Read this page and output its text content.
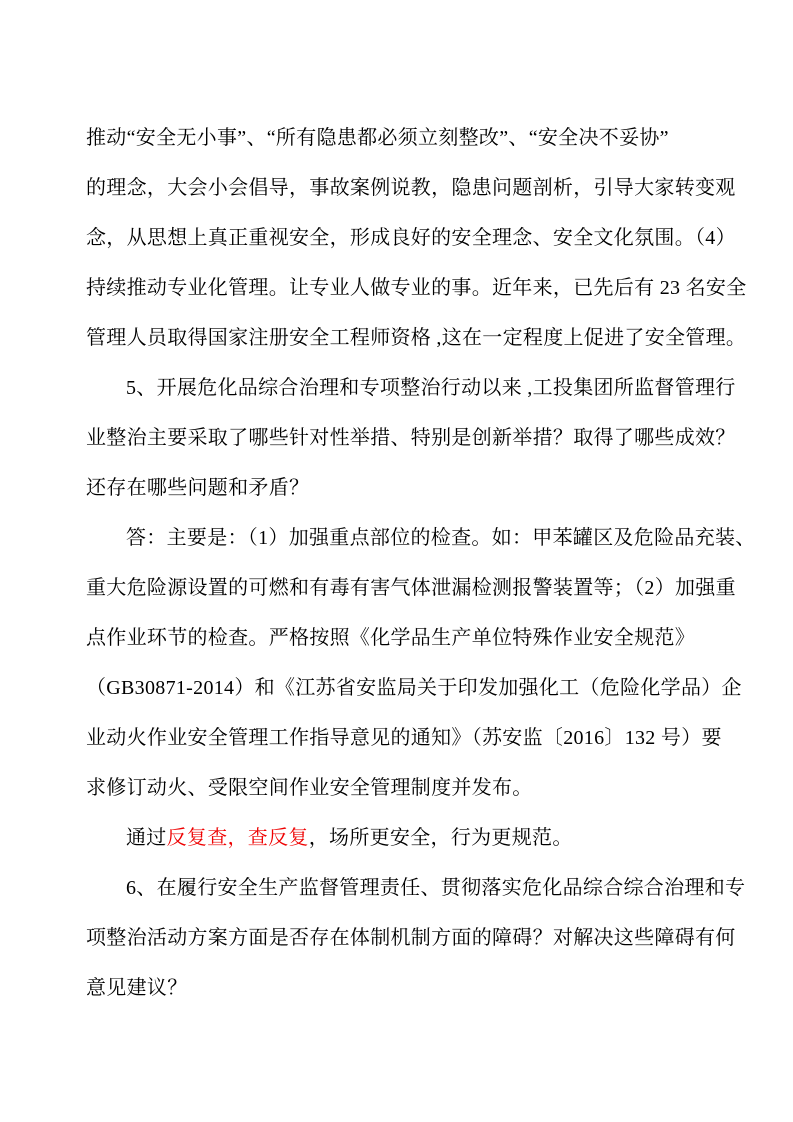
推动“安全无小事”、“所有隐患都必须立刻整改”、“安全决不妥协”
的理念，大会小会倡导，事故案例说教，隐患问题剖析，引导大家转变观
念，从思想上真正重视安全，形成良好的安全理念、安全文化氛围。（4）
持续推动专业化管理。让专业人做专业的事。近年来，已先后有 23 名安全
管理人员取得国家注册安全工程师资格 ,这在一定程度上促进了安全管理。
5、开展危化品综合治理和专项整治行动以来 ,工投集团所监督管理行
业整治主要采取了哪些针对性举措、特别是创新举措？取得了哪些成效？
还存在哪些问题和矛盾？
答：主要是：（1）加强重点部位的检查。如：甲苯罐区及危险品充装、
重大危险源设置的可燃和有毒有害气体泄漏检测报警装置等；（2）加强重
点作业环节的检查。严格按照《化学品生产单位特殊作业安全规范》
（GB30871-2014）和《江苏省安监局关于印发加强化工（危险化学品）企
业动火作业安全管理工作指导意见的通知》（苏安监〔2016〕132 号）要
求修订动火、受限空间作业安全管理制度并发布。
通过反复查，查反复，场所更安全，行为更规范。
6、在履行安全生产监督管理责任、贯彻落实危化品综合综合治理和专
项整治活动方案方面是否存在体制机制方面的障碍？对解决这些障碍有何
意见建议？
